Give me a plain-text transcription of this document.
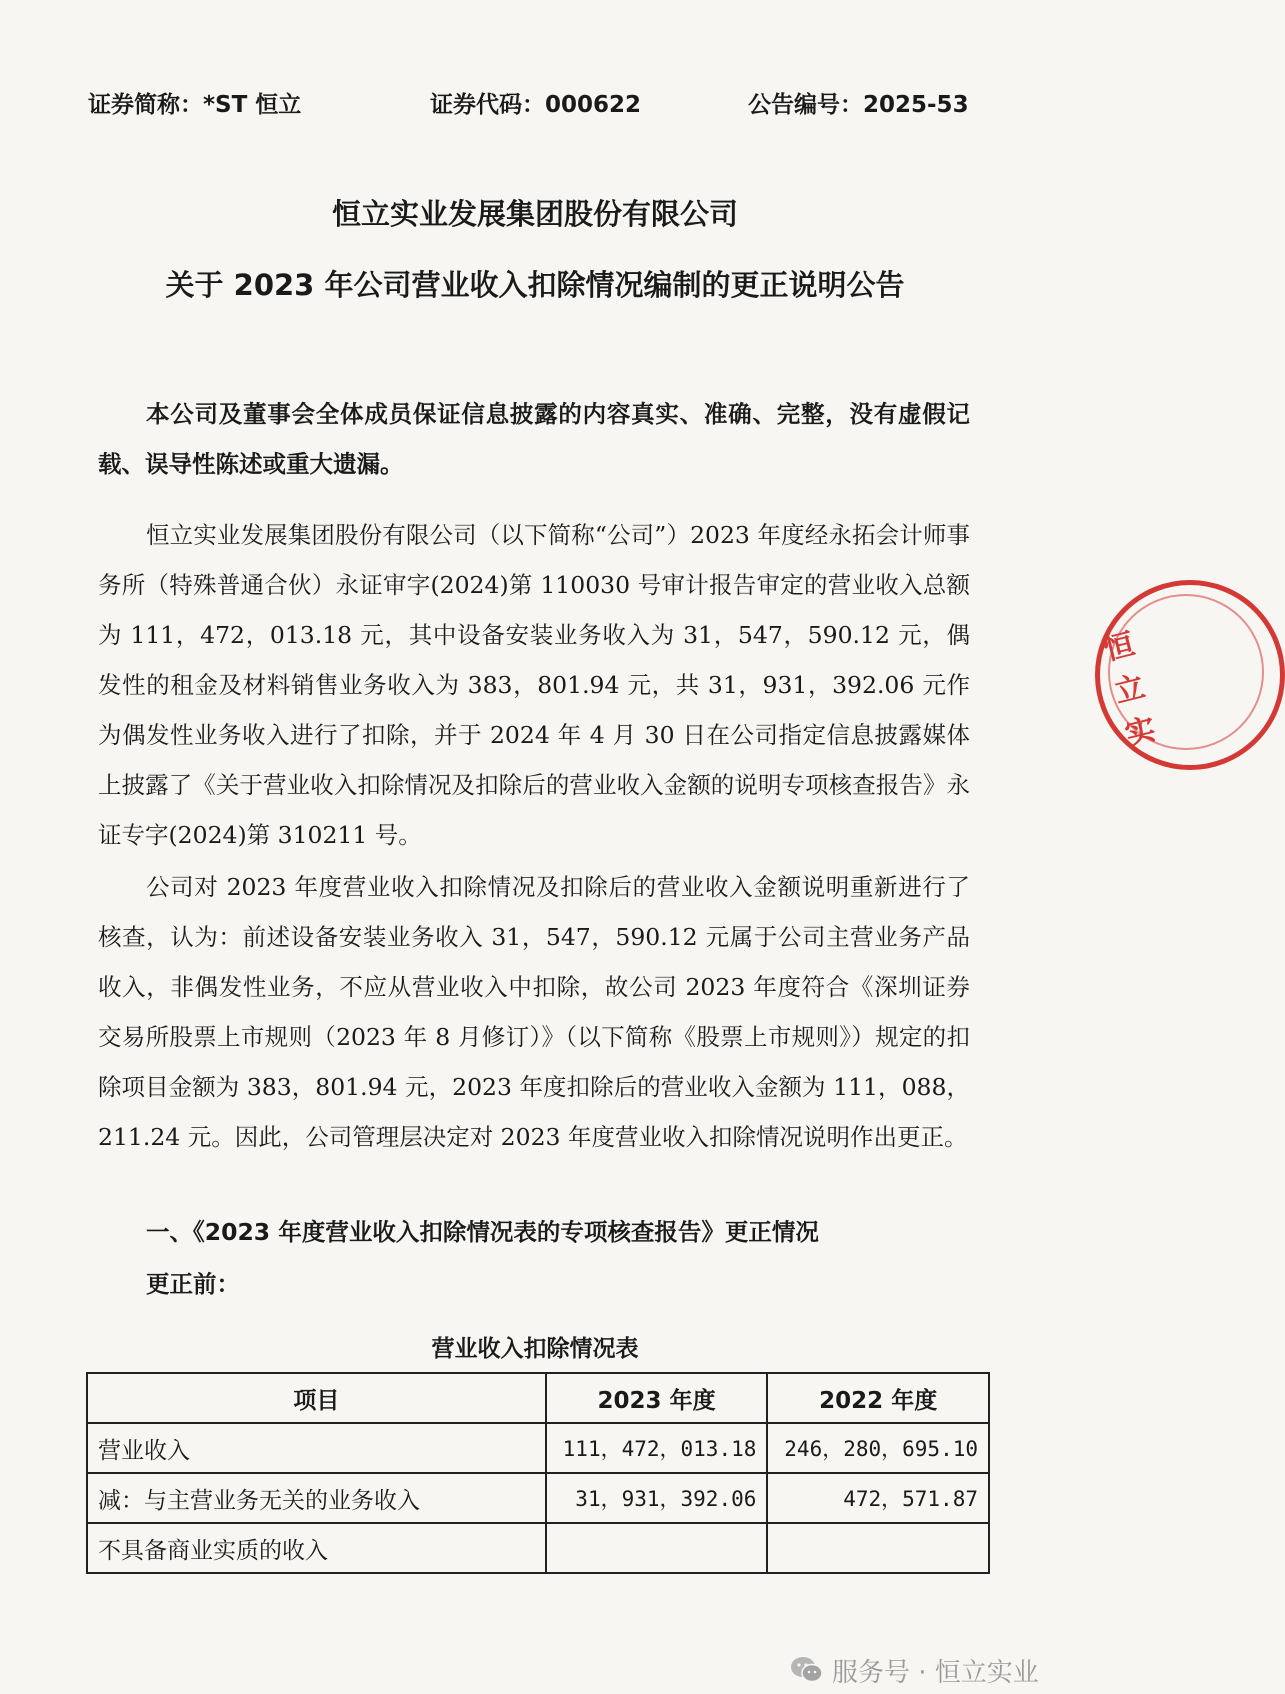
证券简称：*ST 恒立	证券代码：000622	公告编号：2025-53
恒立实业发展集团股份有限公司
关于 2023 年公司营业收入扣除情况编制的更正说明公告
本公司及董事会全体成员保证信息披露的内容真实、准确、完整，没有虚假记载、误导性陈述或重大遗漏。
恒立实业发展集团股份有限公司（以下简称“公司”）2023 年度经永拓会计师事务所（特殊普通合伙）永证审字(2024)第 110030 号审计报告审定的营业收入总额为 111，472，013.18 元，其中设备安装业务收入为 31，547，590.12 元，偶发性的租金及材料销售业务收入为 383，801.94 元，共 31，931，392.06 元作为偶发性业务收入进行了扣除，并于 2024 年 4 月 30 日在公司指定信息披露媒体上披露了《关于营业收入扣除情况及扣除后的营业收入金额的说明专项核查报告》永证专字(2024)第 310211 号。
公司对 2023 年度营业收入扣除情况及扣除后的营业收入金额说明重新进行了核查，认为：前述设备安装业务收入 31，547，590.12 元属于公司主营业务产品收入，非偶发性业务，不应从营业收入中扣除，故公司 2023 年度符合《深圳证券交易所股票上市规则（2023 年 8 月修订）》（以下简称《股票上市规则》）规定的扣除项目金额为 383，801.94 元，2023 年度扣除后的营业收入金额为 111，088，211.24 元。因此，公司管理层决定对 2023 年度营业收入扣除情况说明作出更正。
一、《2023 年度营业收入扣除情况表的专项核查报告》更正情况
更正前：
营业收入扣除情况表
项目	2023 年度	2022 年度
营业收入	111，472，013.18	246，280，695.10
减：与主营业务无关的业务收入	31，931，392.06	472，571.87
不具备商业实质的收入		
恒立实
服务号 · 恒立实业
